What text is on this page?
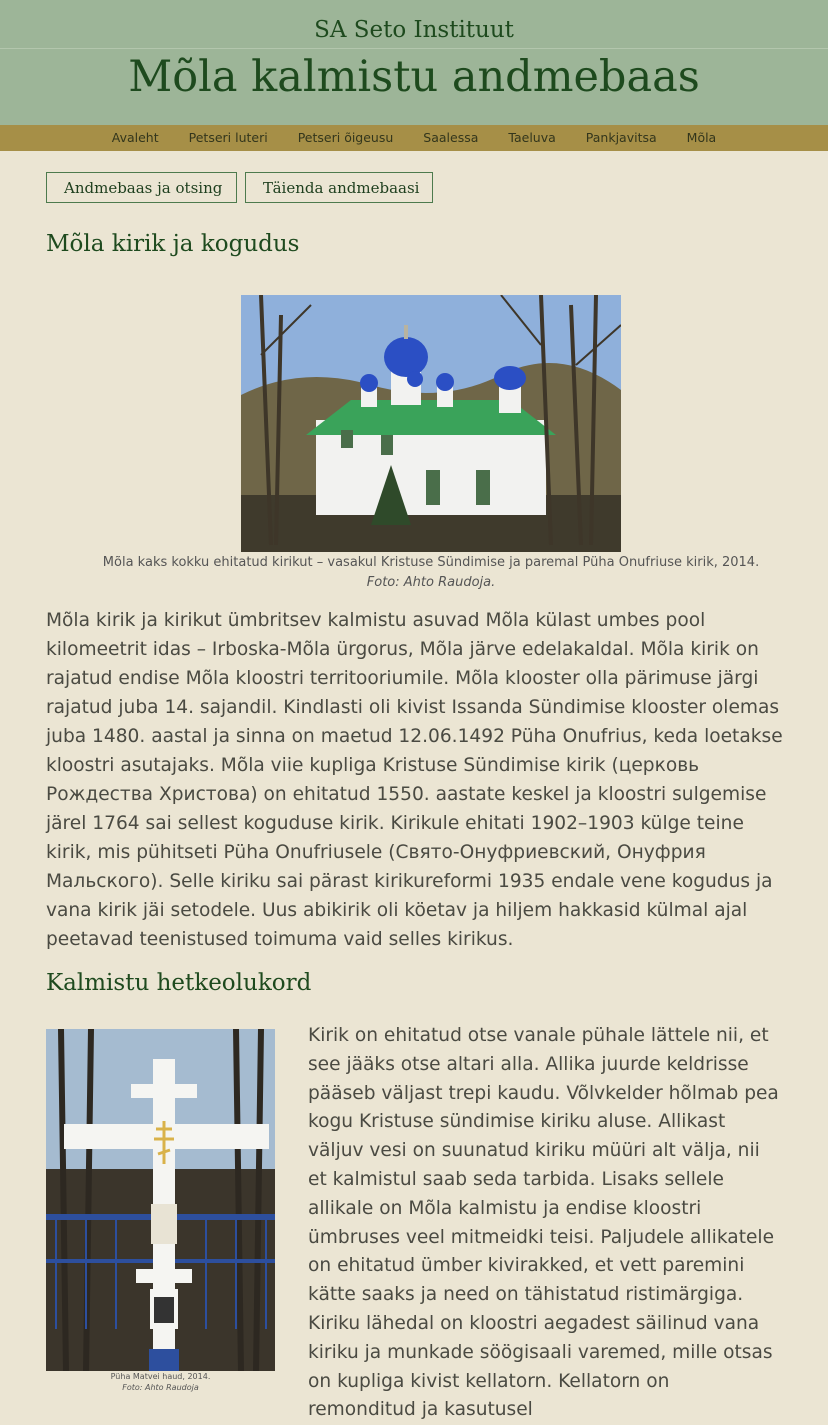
SA Seto Instituut

Mõla kalmistu andmebaas
Avaleht Petseri luteri Petseri õigeusu Saalessa Taeluva Pankjavitsa Mõla
Andmebaas ja otsing	Täienda andmebaasi
Mõla kirik ja kogudus
Mõla kaks kokku ehitatud kirikut – vasakul Kristuse Sündimise ja paremal Püha Onufriuse kirik, 2014.
Foto: Ahto Raudoja.

Mõla kirik ja kirikut ümbritsev kalmistu asuvad Mõla külast umbes pool kilomeetrit idas – Irboska-Mõla ürgorus, Mõla järve edelakaldal. Mõla kirik on rajatud endise Mõla kloostri territooriumile. Mõla klooster olla pärimuse järgi rajatud juba 14. sajandil. Kindlasti oli kivist Issanda Sündimise klooster olemas juba 1480. aastal ja sinna on maetud 12.06.1492 Püha Onufrius, keda loetakse kloostri asutajaks. Mõla viie kupliga Kristuse Sündimise kirik (церковь Рождества Христова) on ehitatud 1550. aastate keskel ja kloostri sulgemise järel 1764 sai sellest koguduse kirik. Kirikule ehitati 1902–1903 külge teine kirik, mis pühitseti Püha Onufriusele (Свято-Онуфриевский, Онуфрия Мальского). Selle kiriku sai pärast kirikureformi 1935 endale vene kogudus ja vana kirik jäi setodele. Uus abikirik oli köetav ja hiljem hakkasid külmal ajal peetavad teenistused toimuma vaid selles kirikus.

Kalmistu hetkeolukord
Püha Matvei haud, 2014.
Foto: Ahto Raudoja

Kirik on ehitatud otse vanale pühale lättele nii, et see jääks otse altari alla. Allika juurde keldrisse pääseb väljast trepi kaudu. Võlvkelder hõlmab pea kogu Kristuse sündimise kiriku aluse. Allikast väljuv vesi on suunatud kiriku müüri alt välja, nii et kalmistul saab seda tarbida. Lisaks sellele allikale on Mõla kalmistu ja endise kloostri ümbruses veel mitmeidki teisi. Paljudele allikatele on ehitatud ümber kivirakked, et vett paremini kätte saaks ja need on tähistatud ristimärgiga. Kiriku lähedal on kloostri aegadest säilinud vana kiriku ja munkade söögisaali varemed, mille otsas on kupliga kivist kellatorn. Kellatorn on remonditud ja kasutusel
